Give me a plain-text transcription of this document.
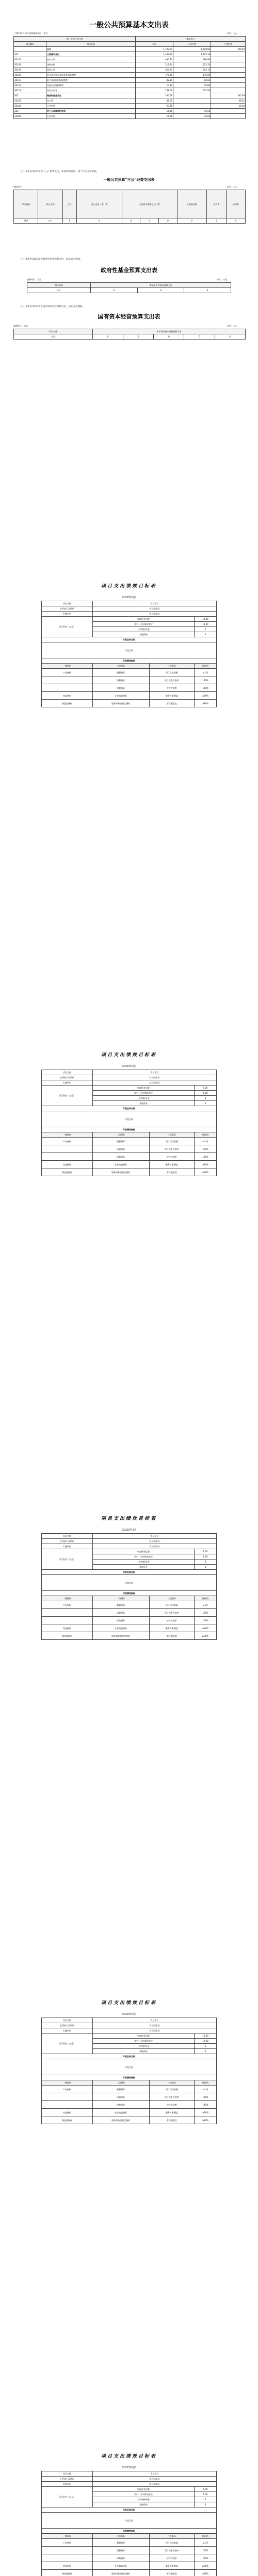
一般公共预算基本支出表
（2023年）部门预算编制单位：宾县	单位：万元
部门预算经济分类		基本支出		
科目编码	科目名称	合计	人员经费	公用经费
	合计	1,703.94	1,508.85	195.09
301	工资福利支出	1,492.19	1,492.19	
30101	基本工资	496.80	496.80	
30102	津贴补贴	213.74	213.74	
30107	绩效工资	353.73	353.73	
30108	机关事业单位基本养老保险缴费	176.05	176.05	
30110	职工基本医疗保险缴费	82.81	82.81	
30112	其他社会保障缴费	10.84	10.84	
30113	住房公积金	132.06	132.06	
302	商品和服务支出	195.09		195.09
30201	办公费	48.62		48.62
30228	工会经费	20.28		20.28
303	对个人和家庭的补助	16.66	16.66	
30305	生活补助	16.66	16.66	
注：本单位2023年无“三公”经费支出。如需要说明的，请于下方文字说明。
一般公共预算“三公”经费支出表
填报单位：	单位：万元
单位编码	单位名称	合计	因公出国（境）费	公务用车购置及运行费			公务接待费	会议费	培训费
000	合计	0	0	0	0	0	0	0	0
注：本单位2023年无政府性基金预算支出，故此表无数据。
政府性基金预算支出表
编制单位：宾县	单位：万元
科目名称	本年政府性基金预算支出		
合计	0	0	0
注：本单位2023年无国有资本经营预算支出，故此表无数据。
国有资本经营预算支出表
编制单位：宾县	单位：万元
科目名称	本年国有资本经营预算支出				
合计	0	0	0	0	0
项目支出绩效目标表
（2023年度）
项目名称	宾县项目		
主管部门及代码	宾县财政局		
实施单位	宾县财政局		
项目资金（万元）	年度资金总额		10.00
	其中：当年财政拨款		10.00
	上年结转资金		0
	其他资金		0
年度总体目标			
年度目标			
年度绩效指标			
一级指标	二级指标	三级指标	指标值
产出指标	数量指标	项目完成数量	≥1项
	质量指标	项目验收合格率	100%
	时效指标	按时完成率	100%
效益指标	社会效益指标	服务对象覆盖	≥90%
满意度指标	服务对象满意度指标	群众满意度	≥90%
项目支出绩效目标表
（2023年度）
项目名称	宾县项目		
主管部门及代码	宾县财政局		
实施单位	宾县财政局		
项目资金（万元）	年度资金总额		5.00
	其中：当年财政拨款		5.00
	上年结转资金		0
	其他资金		0
年度总体目标			
年度目标			
年度绩效指标			
一级指标	二级指标	三级指标	指标值
产出指标	数量指标	项目完成数量	≥1项
	质量指标	项目验收合格率	100%
	时效指标	按时完成率	100%
效益指标	社会效益指标	服务对象覆盖	≥90%
满意度指标	服务对象满意度指标	群众满意度	≥90%
项目支出绩效目标表
（2023年度）
项目名称	宾县项目		
主管部门及代码	宾县财政局		
实施单位	宾县财政局		
项目资金（万元）	年度资金总额		8.00
	其中：当年财政拨款		8.00
	上年结转资金		0
	其他资金		0
年度总体目标			
年度目标			
年度绩效指标			
一级指标	二级指标	三级指标	指标值
产出指标	数量指标	项目完成数量	≥1项
	质量指标	项目验收合格率	100%
	时效指标	按时完成率	100%
效益指标	社会效益指标	服务对象覆盖	≥90%
满意度指标	服务对象满意度指标	群众满意度	≥90%
项目支出绩效目标表
（2023年度）
项目名称	宾县项目		
主管部门及代码	宾县财政局		
实施单位	宾县财政局		
项目资金（万元）	年度资金总额		12.00
	其中：当年财政拨款		12.00
	上年结转资金		0
	其他资金		0
年度总体目标			
年度目标			
年度绩效指标			
一级指标	二级指标	三级指标	指标值
产出指标	数量指标	项目完成数量	≥1项
	质量指标	项目验收合格率	100%
	时效指标	按时完成率	100%
效益指标	社会效益指标	服务对象覆盖	≥90%
满意度指标	服务对象满意度指标	群众满意度	≥90%
项目支出绩效目标表
（2023年度）
项目名称	宾县项目		
主管部门及代码	宾县财政局		
实施单位	宾县财政局		
项目资金（万元）	年度资金总额		6.00
	其中：当年财政拨款		6.00
	上年结转资金		0
	其他资金		0
年度总体目标			
年度目标			
年度绩效指标			
一级指标	二级指标	三级指标	指标值
产出指标	数量指标	项目完成数量	≥1项
	质量指标	项目验收合格率	100%
	时效指标	按时完成率	100%
效益指标	社会效益指标	服务对象覆盖	≥90%
满意度指标	服务对象满意度指标	群众满意度	≥90%
